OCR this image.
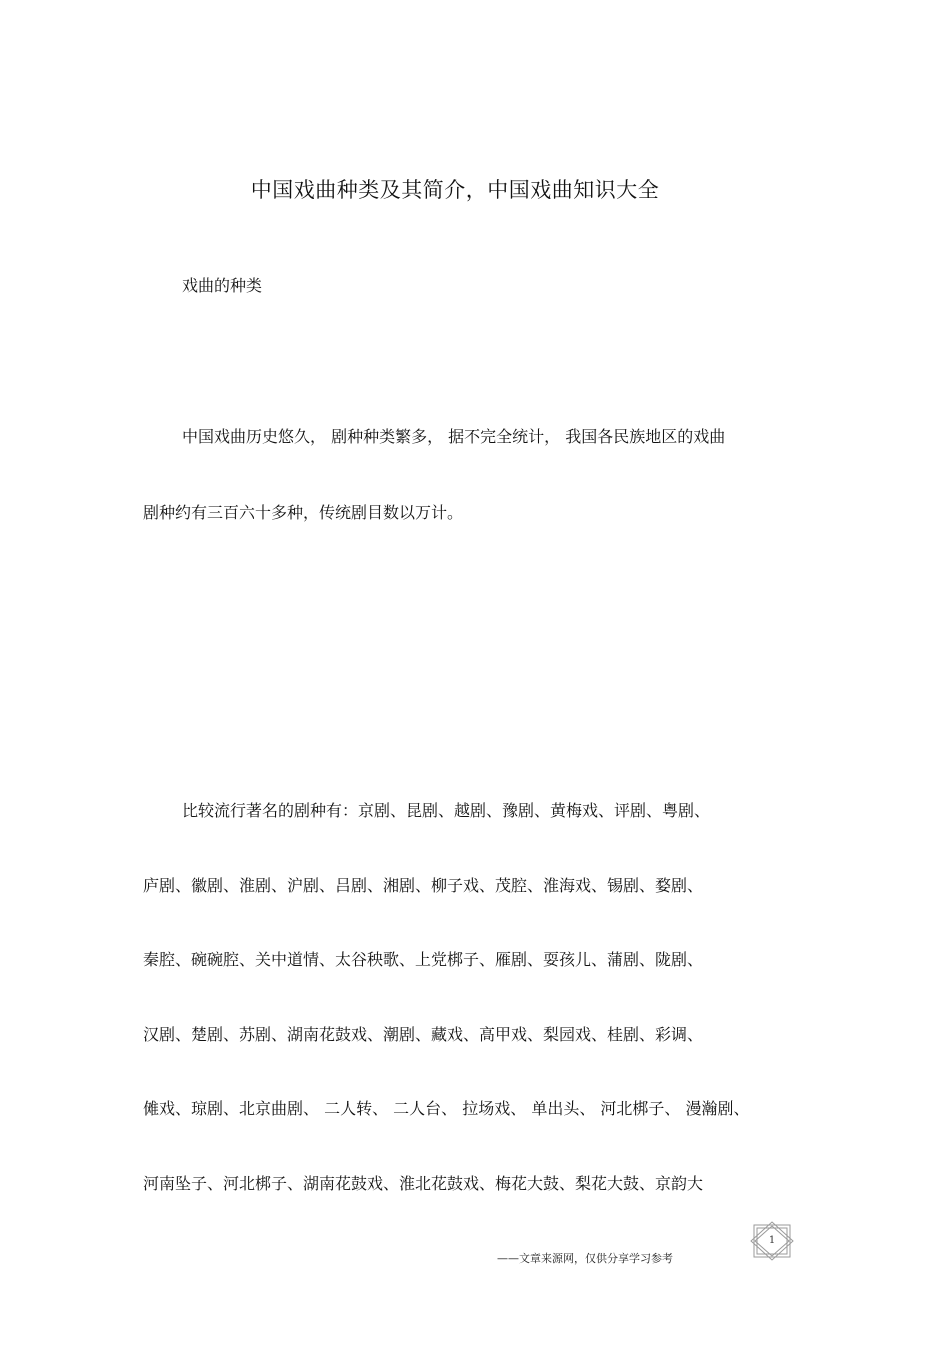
中国戏曲种类及其简介，中国戏曲知识大全
戏曲的种类
中国戏曲历史悠久， 剧种种类繁多， 据不完全统计， 我国各民族地区的戏曲
剧种约有三百六十多种，传统剧目数以万计。
比较流行著名的剧种有：京剧、昆剧、越剧、豫剧、黄梅戏、评剧、粤剧、
庐剧、徽剧、淮剧、沪剧、吕剧、湘剧、柳子戏、茂腔、淮海戏、锡剧、婺剧、
秦腔、碗碗腔、关中道情、太谷秧歌、上党梆子、雁剧、耍孩儿、蒲剧、陇剧、
汉剧、楚剧、苏剧、湖南花鼓戏、潮剧、藏戏、高甲戏、梨园戏、桂剧、彩调、
傩戏、琼剧、北京曲剧、 二人转、 二人台、 拉场戏、 单出头、 河北梆子、 漫瀚剧、
河南坠子、河北梆子、湖南花鼓戏、淮北花鼓戏、梅花大鼓、梨花大鼓、京韵大
——文章来源网，仅供分享学习参考
1
